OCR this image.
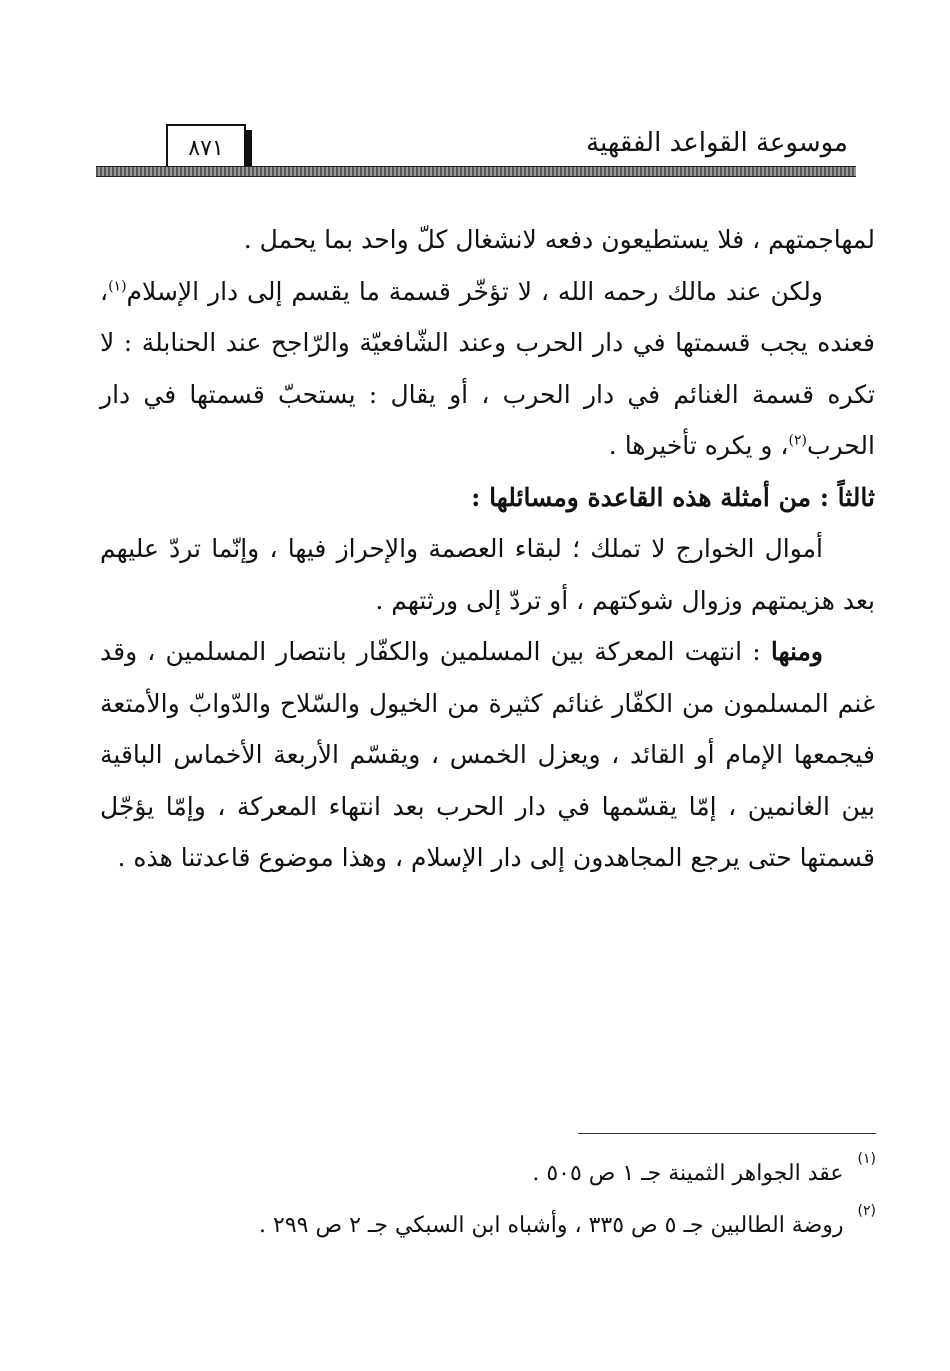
٨٧١	موسوعة القواعد الفقهية

لمهاجمتهم ، فلا يستطيعون دفعه لانشغال كلّ واحد بما يحمل .

ولكن عند مالك رحمه الله ، لا تؤخّر قسمة ما يقسم إلى دار الإسلام$^{(١)}$، فعنده يجب قسمتها في دار الحرب وعند الشّافعيّة والرّاجح عند الحنابلة : لا تكره قسمة الغنائم في دار الحرب ، أو يقال : يستحبّ قسمتها في دار الحرب$^{(٢)}$، و يكره تأخيرها .

ثالثاً : من أمثلة هذه القاعدة ومسائلها :

أموال الخوارج لا تملك ؛ لبقاء العصمة والإحراز فيها ، وإنّما تردّ عليهم بعد هزيمتهم وزوال شوكتهم ، أو تردّ إلى ورثتهم .

ومنها : انتهت المعركة بين المسلمين والكفّار بانتصار المسلمين ، وقد غنم المسلمون من الكفّار غنائم كثيرة من الخيول والسّلاح والدّوابّ والأمتعة فيجمعها الإمام أو القائد ، ويعزل الخمس ، ويقسّم الأربعة الأخماس الباقية بين الغانمين ، إمّا يقسّمها في دار الحرب بعد انتهاء المعركة ، وإمّا يؤجّل قسمتها حتى يرجع المجاهدون إلى دار الإسلام ، وهذا موضوع قاعدتنا هذه .

(١)عقد الجواهر الثمينة جـ ١ ص ٥٠٥ .

(٢)روضة الطالبين جـ ٥ ص ٣٣٥ ، وأشباه ابن السبكي جـ ٢ ص ٢٩٩ .
